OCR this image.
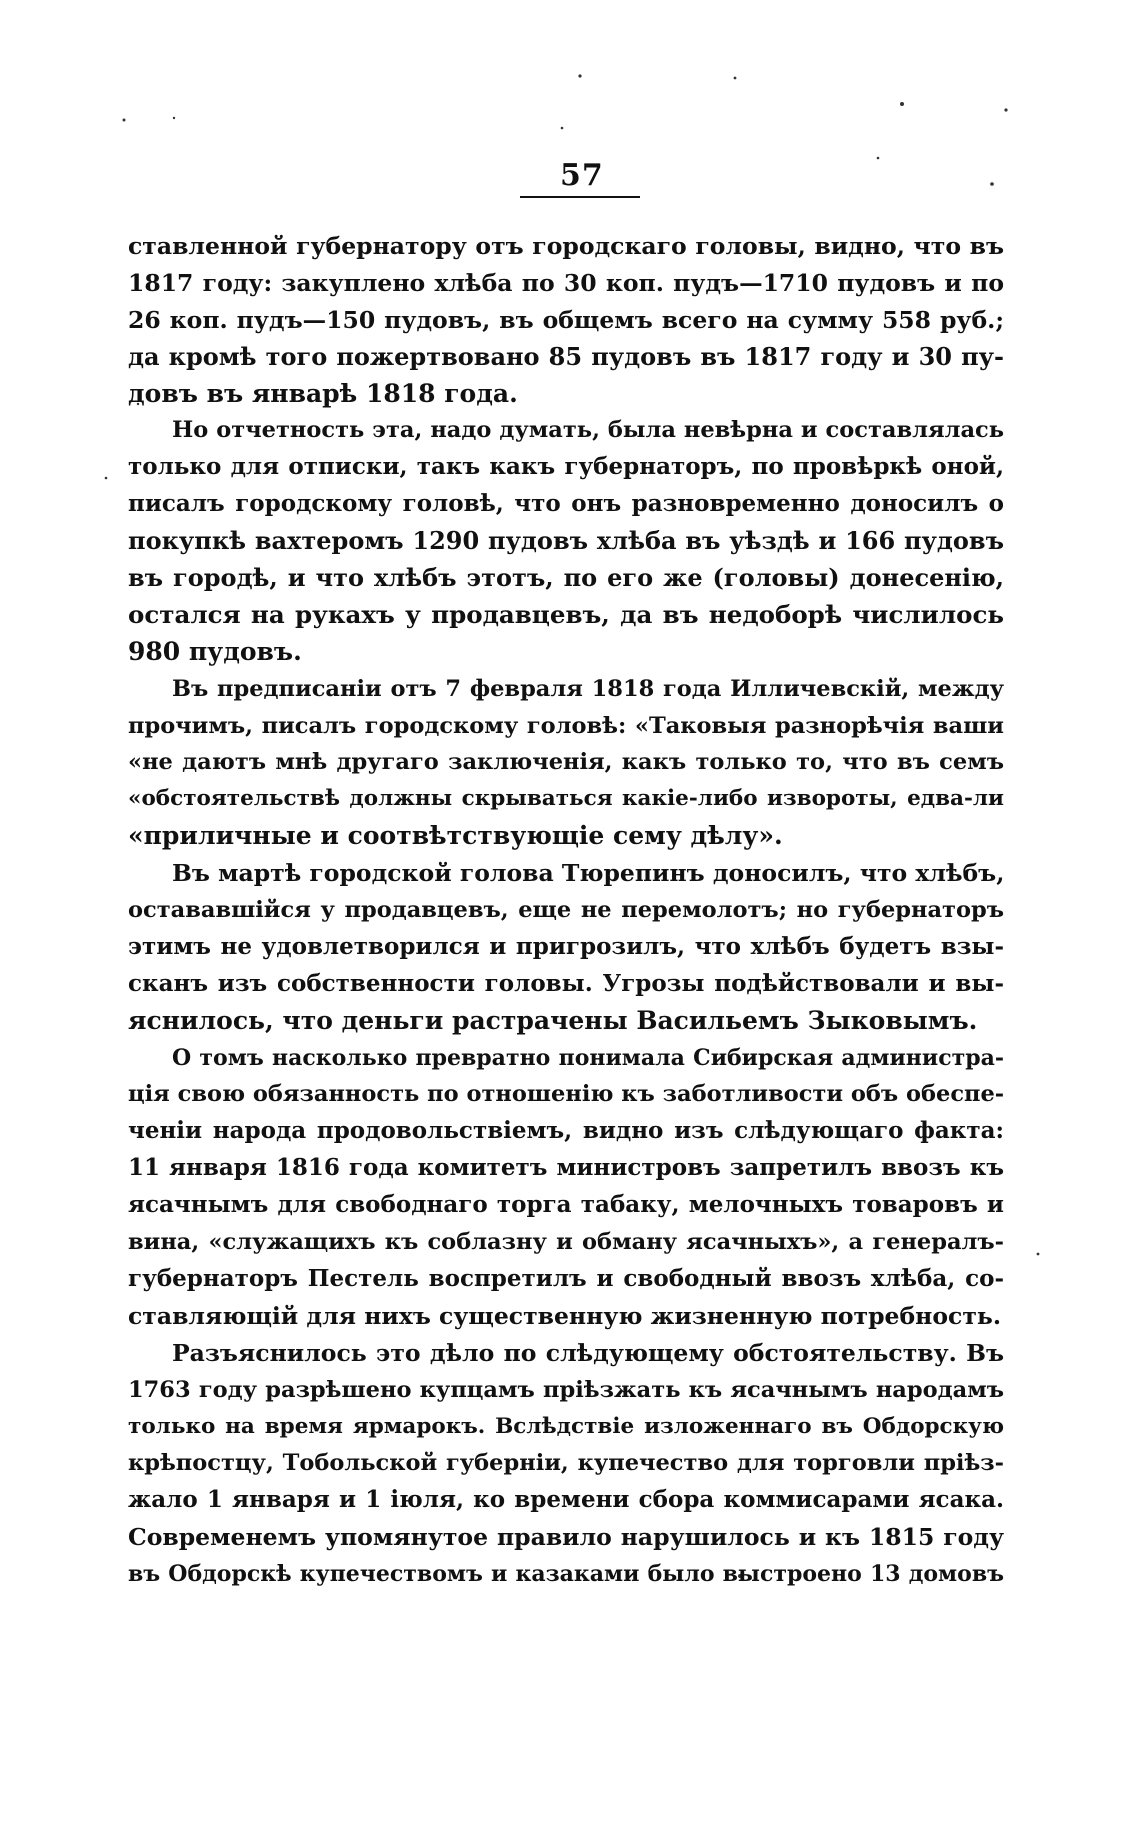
57
ставленной губернатору отъ городскаго головы, видно, что въ
1817 году: закуплено хлѣба по 30 коп. пудъ—1710 пудовъ и по
26 коп. пудъ—150 пудовъ, въ общемъ всего на сумму 558 руб.;
да кромѣ того пожертвовано 85 пудовъ въ 1817 году и 30 пу-
довъ въ январѣ 1818 года.
Но отчетность эта, надо думать, была невѣрна и составлялась
только для отписки, такъ какъ губернаторъ, по провѣркѣ оной,
писалъ городскому головѣ, что онъ разновременно доносилъ о
покупкѣ вахтеромъ 1290 пудовъ хлѣба въ уѣздѣ и 166 пудовъ
въ городѣ, и что хлѣбъ этотъ, по его же (головы) донесенію,
остался на рукахъ у продавцевъ, да въ недоборѣ числилось
980 пудовъ.
Въ предписаніи отъ 7 февраля 1818 года Илличевскій, между
прочимъ, писалъ городскому головѣ: «Таковыя разнорѣчія ваши
«не даютъ мнѣ другаго заключенія, какъ только то, что въ семъ
«обстоятельствѣ должны скрываться какіе-либо извороты, едва-ли
«приличные и соотвѣтствующіе сему дѣлу».
Въ мартѣ городской голова Тюрепинъ доносилъ, что хлѣбъ,
остававшійся у продавцевъ, еще не перемолотъ; но губернаторъ
этимъ не удовлетворился и пригрозилъ, что хлѣбъ будетъ взы-
сканъ изъ собственности головы. Угрозы подѣйствовали и вы-
яснилось, что деньги растрачены Васильемъ Зыковымъ.
О томъ насколько превратно понимала Сибирская администра-
ція свою обязанность по отношенію къ заботливости объ обеспе-
ченіи народа продовольствіемъ, видно изъ слѣдующаго факта:
11 января 1816 года комитетъ министровъ запретилъ ввозъ къ
ясачнымъ для свободнаго торга табаку, мелочныхъ товаровъ и
вина, «служащихъ къ соблазну и обману ясачныхъ», а генералъ-
губернаторъ Пестель воспретилъ и свободный ввозъ хлѣба, со-
ставляющій для нихъ существенную жизненную потребность.
Разъяснилось это дѣло по слѣдующему обстоятельству. Въ
1763 году разрѣшено купцамъ пріѣзжать къ ясачнымъ народамъ
только на время ярмарокъ. Вслѣдствіе изложеннаго въ Обдорскую
крѣпостцу, Тобольской губерніи, купечество для торговли пріѣз-
жало 1 января и 1 іюля, ко времени сбора коммисарами ясака.
Современемъ упомянутое правило нарушилось и къ 1815 году
въ Обдорскѣ купечествомъ и казаками было выстроено 13 домовъ
